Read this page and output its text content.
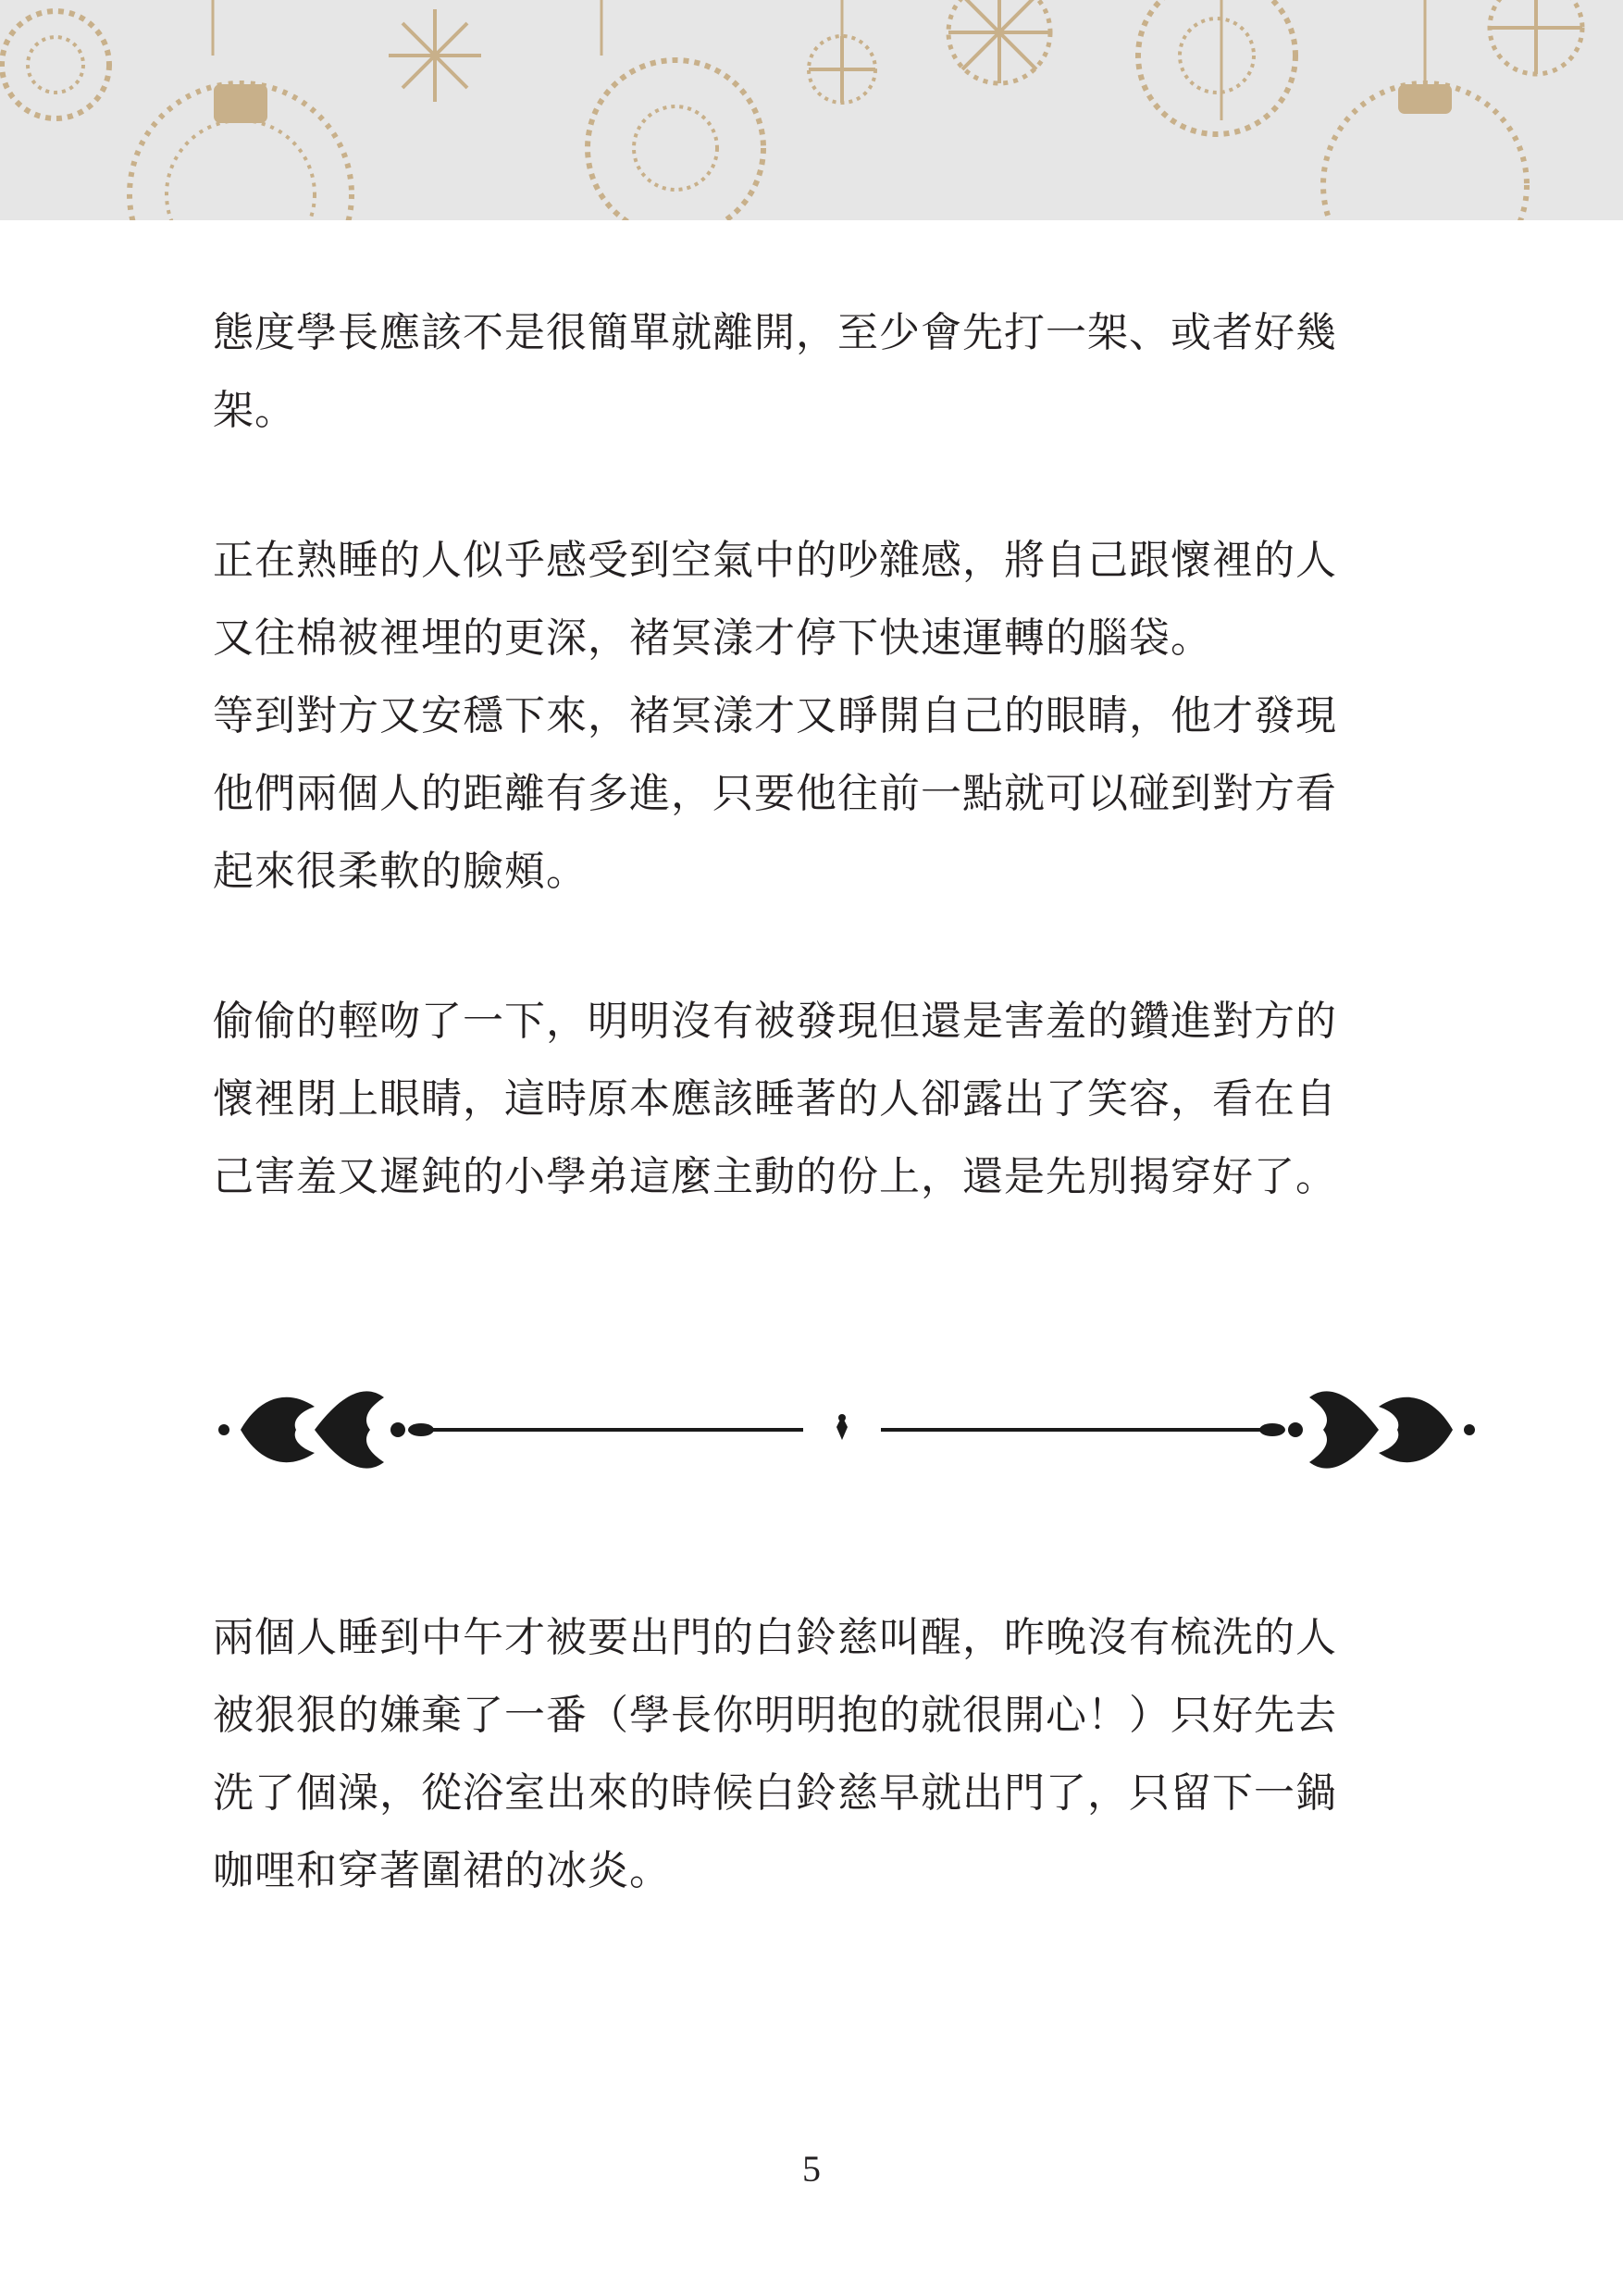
態度學長應該不是很簡單就離開，至少會先打一架、或者好幾
架。
正在熟睡的人似乎感受到空氣中的吵雜感，將自己跟懷裡的人
又往棉被裡埋的更深，褚冥漾才停下快速運轉的腦袋。
等到對方又安穩下來，褚冥漾才又睜開自己的眼睛，他才發現
他們兩個人的距離有多進，只要他往前一點就可以碰到對方看
起來很柔軟的臉頰。
偷偷的輕吻了一下，明明沒有被發現但還是害羞的鑽進對方的
懷裡閉上眼睛，這時原本應該睡著的人卻露出了笑容，看在自
己害羞又遲鈍的小學弟這麼主動的份上，還是先別揭穿好了。
兩個人睡到中午才被要出門的白鈴慈叫醒，昨晚沒有梳洗的人
被狠狠的嫌棄了一番（學長你明明抱的就很開心！）只好先去
洗了個澡，從浴室出來的時候白鈴慈早就出門了，只留下一鍋
咖哩和穿著圍裙的冰炎。
5
